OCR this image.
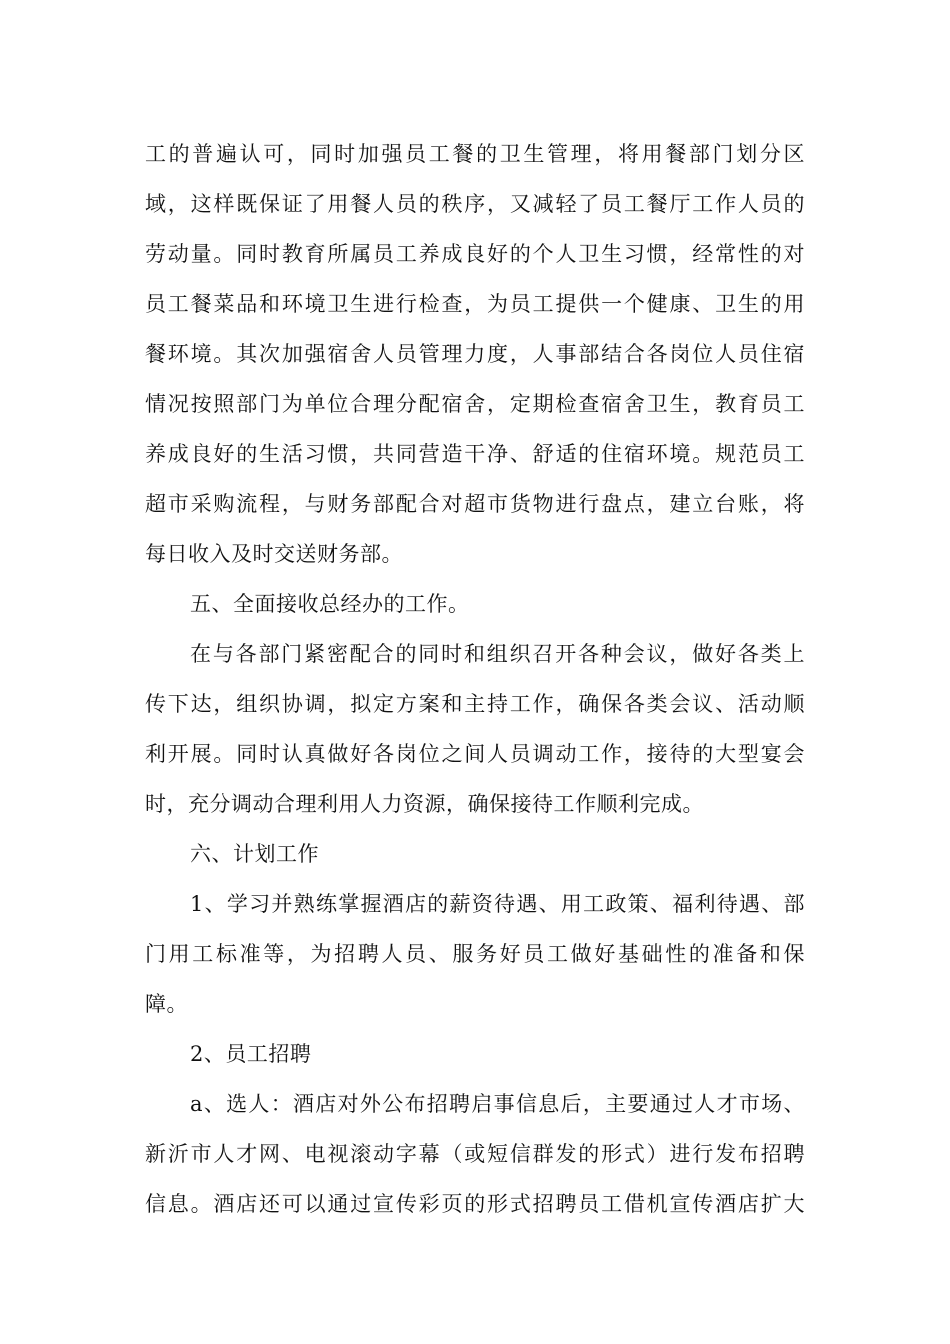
工的普遍认可，同时加强员工餐的卫生管理，将用餐部门划分区
域，这样既保证了用餐人员的秩序，又减轻了员工餐厅工作人员的
劳动量。同时教育所属员工养成良好的个人卫生习惯，经常性的对
员工餐菜品和环境卫生进行检查，为员工提供一个健康、卫生的用
餐环境。其次加强宿舍人员管理力度，人事部结合各岗位人员住宿
情况按照部门为单位合理分配宿舍，定期检查宿舍卫生，教育员工
养成良好的生活习惯，共同营造干净、舒适的住宿环境。规范员工
超市采购流程，与财务部配合对超市货物进行盘点，建立台账，将
每日收入及时交送财务部。
五、全面接收总经办的工作。
在与各部门紧密配合的同时和组织召开各种会议，做好各类上
传下达，组织协调，拟定方案和主持工作，确保各类会议、活动顺
利开展。同时认真做好各岗位之间人员调动工作，接待的大型宴会
时，充分调动合理利用人力资源，确保接待工作顺利完成。
六、计划工作
1、学习并熟练掌握酒店的薪资待遇、用工政策、福利待遇、部
门用工标准等，为招聘人员、服务好员工做好基础性的准备和保
障。
2、员工招聘
a、选人：酒店对外公布招聘启事信息后，主要通过人才市场、
新沂市人才网、电视滚动字幕（或短信群发的形式）进行发布招聘
信息。酒店还可以通过宣传彩页的形式招聘员工借机宣传酒店扩大
